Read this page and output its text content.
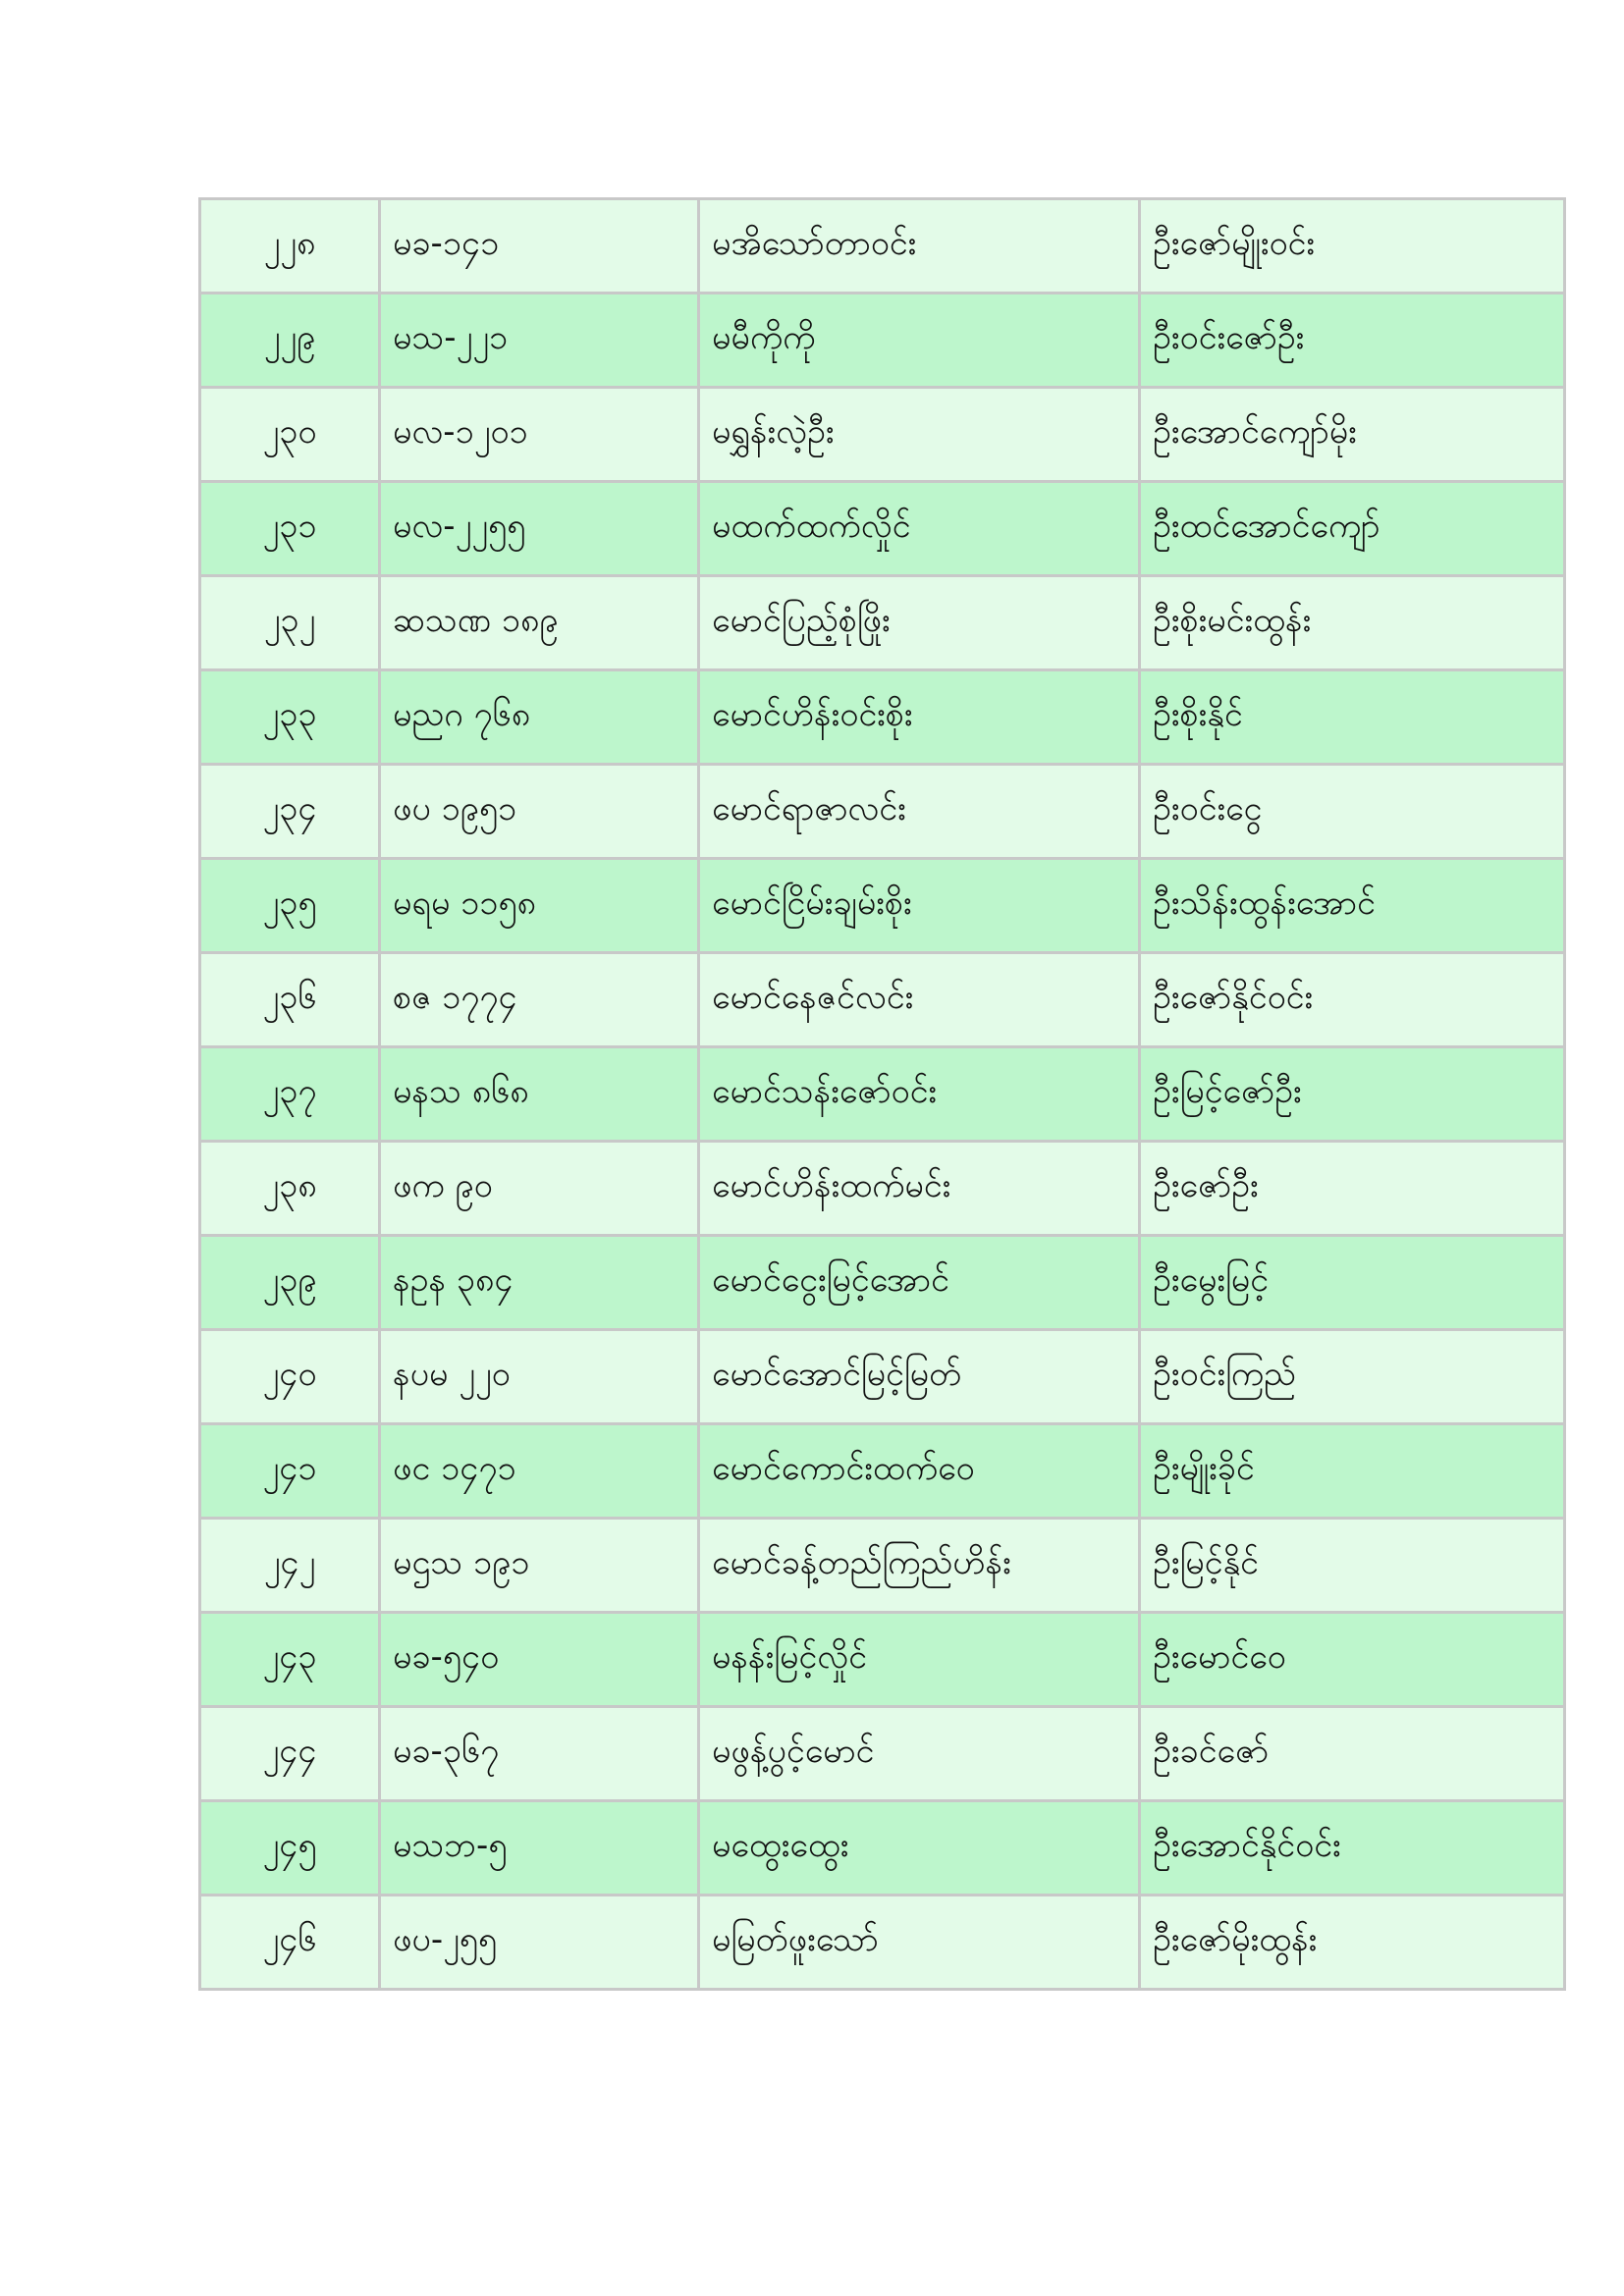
၂၂၈	မခ-၁၄၁	မအိသော်တာဝင်း	ဦးဇော်မျိုးဝင်း
၂၂၉	မသ-၂၂၁	မမီကိုကို	ဦးဝင်းဇော်ဦး
၂၃၀	မလ-၁၂၀၁	မရွှန်းလဲ့ဦး	ဦးအောင်ကျော်မိုး
၂၃၁	မလ-၂၂၅၅	မထက်ထက်လှိုင်	ဦးထင်အောင်ကျော်
၂၃၂	ဆသဏ ၁၈၉	မောင်ပြည့်စုံဖြိုး	ဦးစိုးမင်းထွန်း
၂၃၃	မညဂ ၇၆၈	မောင်ဟိန်းဝင်းစိုး	ဦးစိုးနိုင်
၂၃၄	ဖပ ၁၉၅၁	မောင်ရာဇာလင်း	ဦးဝင်းငွေ
၂၃၅	မရမ ၁၁၅၈	မောင်ငြိမ်းချမ်းစိုး	ဦးသိန်းထွန်းအောင်
၂၃၆	စဇ ၁၇၇၄	မောင်နေဇင်လင်း	ဦးဇော်နိုင်ဝင်း
၂၃၇	မနသ ၈၆၈	မောင်သန်းဇော်ဝင်း	ဦးမြင့်ဇော်ဦး
၂၃၈	ဖက ၉၀	မောင်ဟိန်းထက်မင်း	ဦးဇော်ဦး
၂၃၉	နဥန ၃၈၄	မောင်ငွေးမြင့်အောင်	ဦးမွေးမြင့်
၂၄၀	နပမ ၂၂၀	မောင်အောင်မြင့်မြတ်	ဦးဝင်းကြည်
၂၄၁	ဖင ၁၄၇၁	မောင်ကောင်းထက်ဝေ	ဦးမျိုးခိုင်
၂၄၂	မဌသ ၁၉၁	မောင်ခန့်တည်ကြည်ဟိန်း	ဦးမြင့်နိုင်
၂၄၃	မခ-၅၄၀	မနန်းမြင့်လှိုင်	ဦးမောင်ဝေ
၂၄၄	မခ-၃၆၇	မဖွန့်ပွင့်မောင်	ဦးခင်ဇော်
၂၄၅	မသဘ-၅	မထွေးထွေး	ဦးအောင်နိုင်ဝင်း
၂၄၆	ဖပ-၂၅၅	မမြတ်ဖူးသော်	ဦးဇော်မိုးထွန်း
